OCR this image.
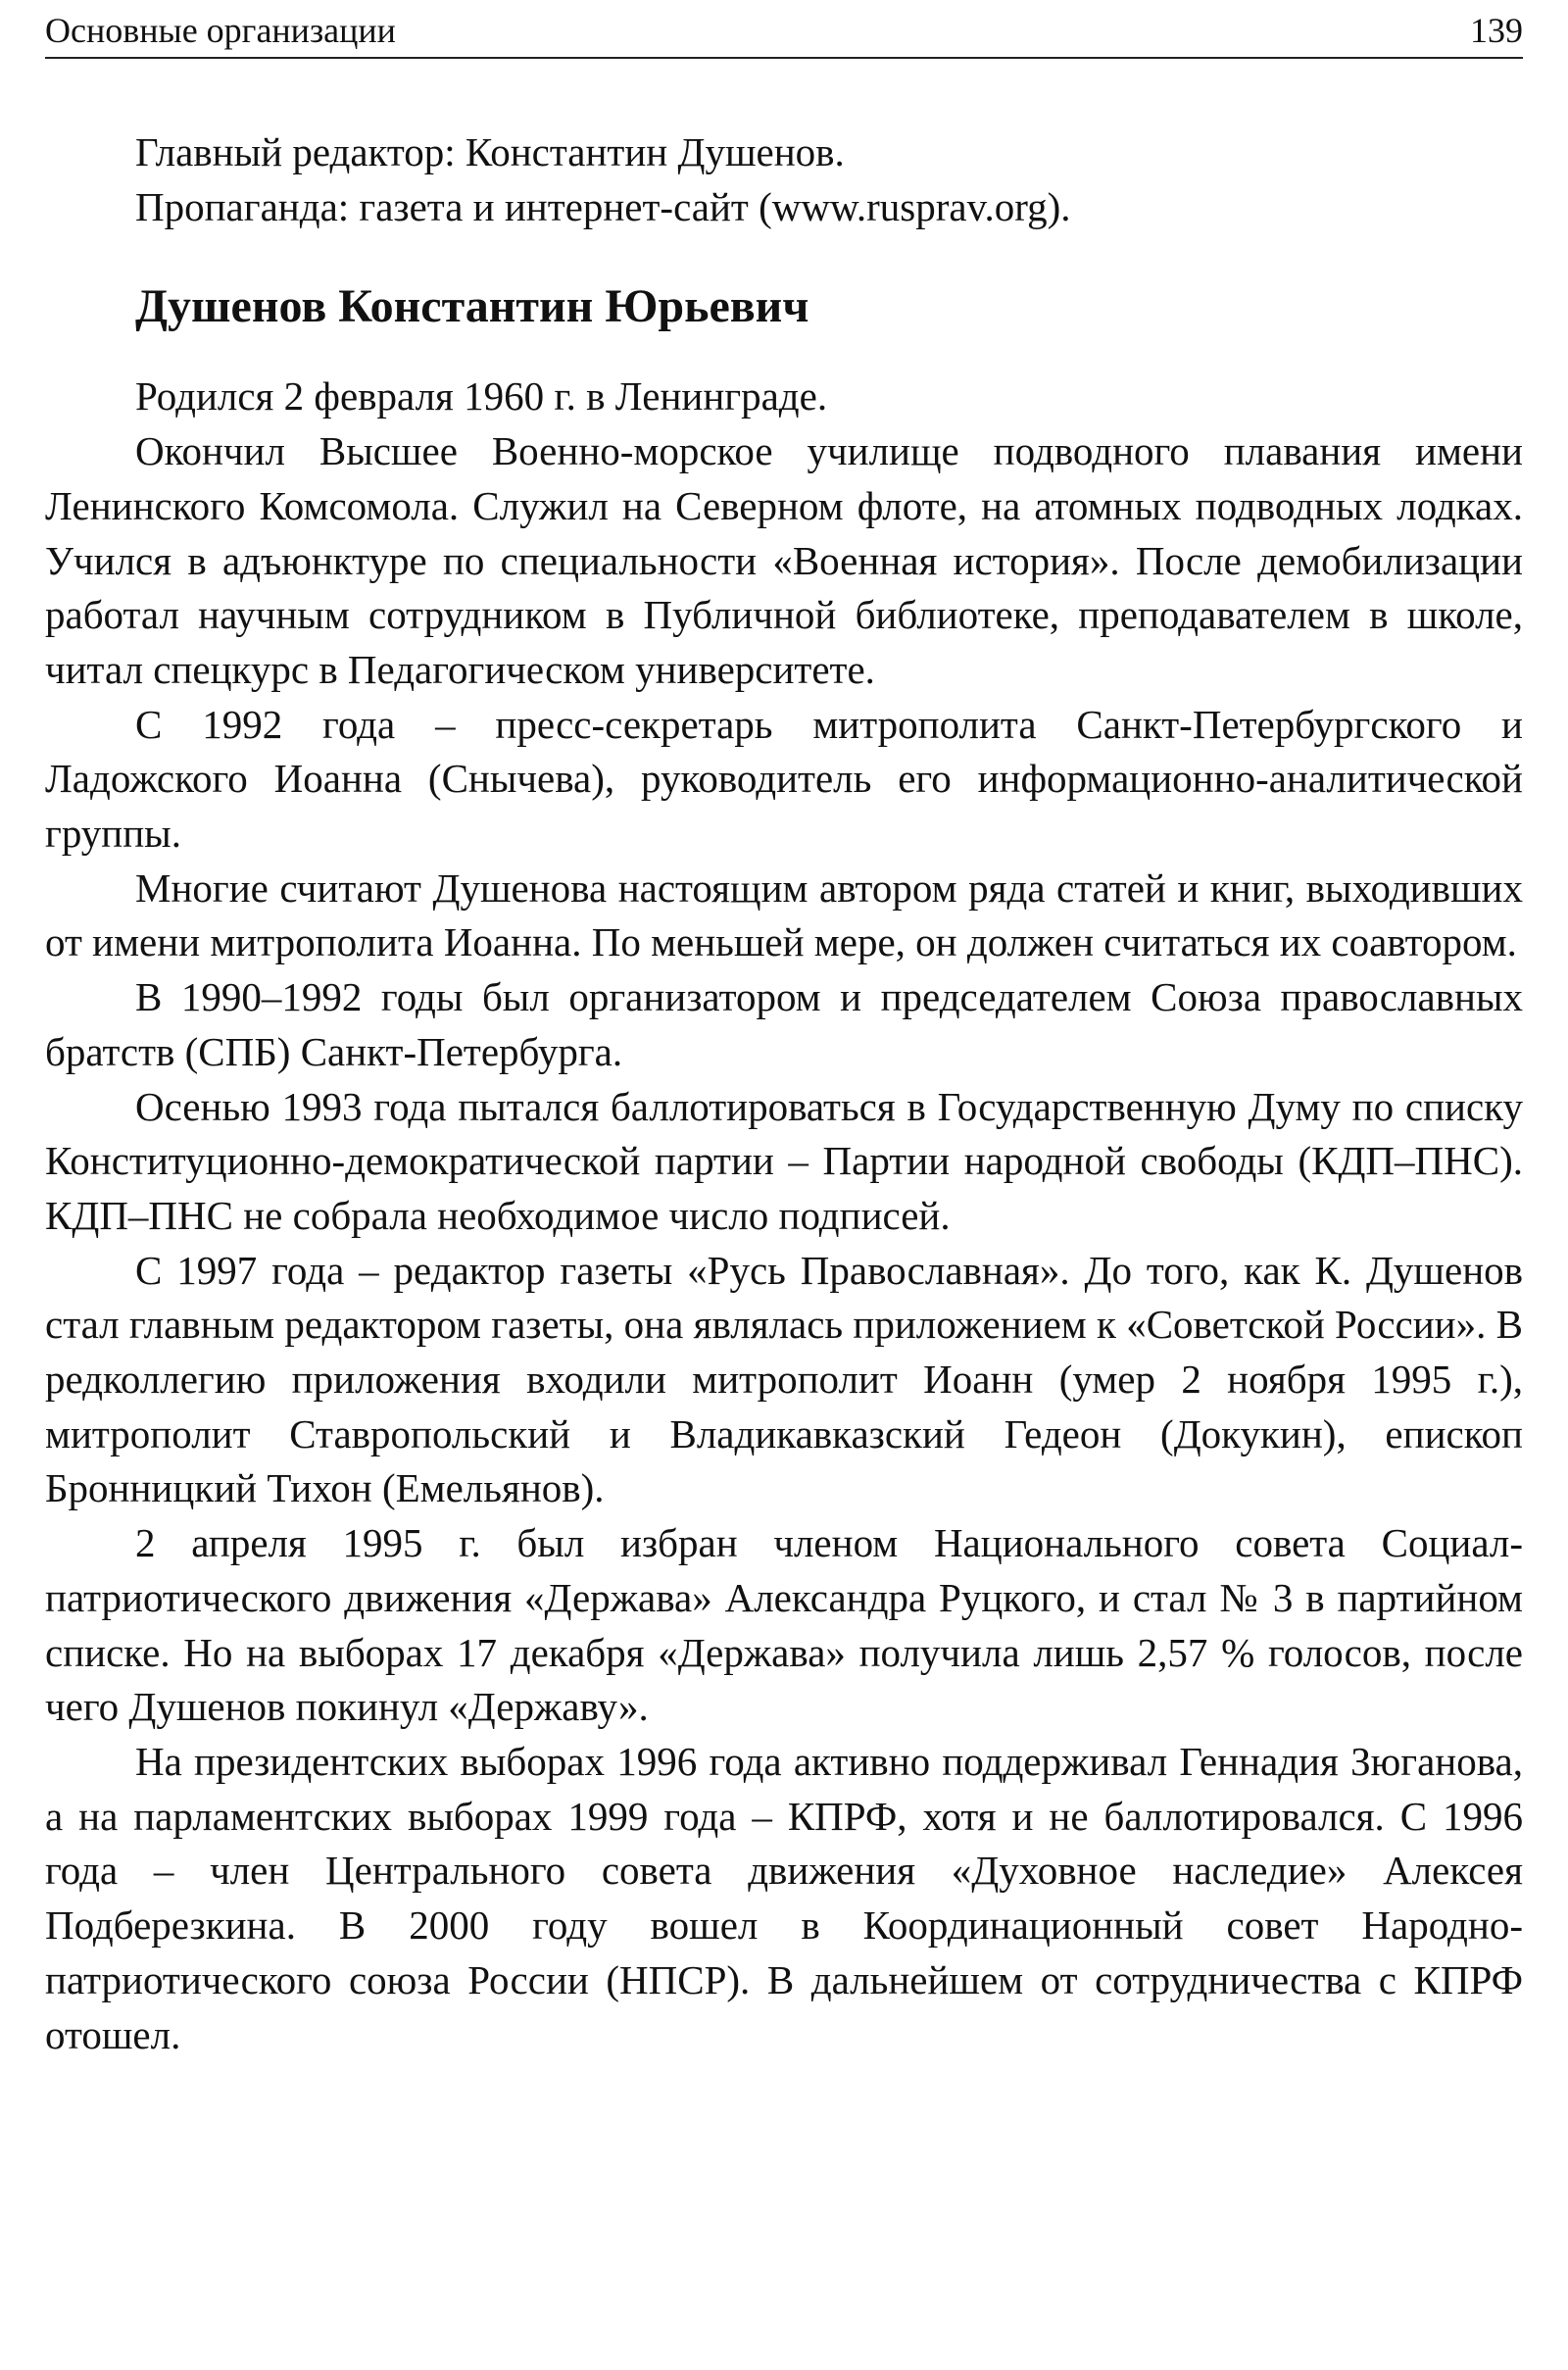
Основные организации	139

Главный редактор: Константин Душенов.

Пропаганда: газета и интернет-сайт (www.rusprav.org).

Душенов Константин Юрьевич

Родился 2 февраля 1960 г. в Ленинграде.

Окончил Высшее Военно-морское училище подводного плавания имени Ленинского Комсомола. Служил на Северном флоте, на атомных подводных лодках. Учился в адъюнктуре по специальности «Военная история». После демобилизации работал научным сотрудником в Публичной библиотеке, преподавателем в школе, читал спецкурс в Педагогическом университете.

С 1992 года – пресс-секретарь митрополита Санкт-Петербургского и Ладожского Иоанна (Снычева), руководитель его информационно-аналитической группы.

Многие считают Душенова настоящим автором ряда статей и книг, выходивших от имени митрополита Иоанна. По меньшей мере, он должен считаться их соавтором.

В 1990–1992 годы был организатором и председателем Союза православных братств (СПБ) Санкт-Петербурга.

Осенью 1993 года пытался баллотироваться в Государственную Думу по списку Конституционно-демократической партии – Партии народной свободы (КДП–ПНС). КДП–ПНС не собрала необходимое число подписей.

С 1997 года – редактор газеты «Русь Православная». До того, как К. Душенов стал главным редактором газеты, она являлась приложением к «Советской России». В редколлегию приложения входили митрополит Иоанн (умер 2 ноября 1995 г.), митрополит Ставропольский и Владикавказский Гедеон (Докукин), епископ Бронницкий Тихон (Емельянов).

2 апреля 1995 г. был избран членом Национального совета Социал-патриотического движения «Держава» Александра Руцкого, и стал № 3 в партийном списке. Но на выборах 17 декабря «Держава» получила лишь 2,57 % голосов, после чего Душенов покинул «Державу».

На президентских выборах 1996 года активно поддерживал Геннадия Зюганова, а на парламентских выборах 1999 года – КПРФ, хотя и не баллотировался. С 1996 года – член Центрального совета движения «Духовное наследие» Алексея Подберезкина. В 2000 году вошел в Координационный совет Народно-патриотического союза России (НПСР). В дальнейшем от сотрудничества с КПРФ отошел.
